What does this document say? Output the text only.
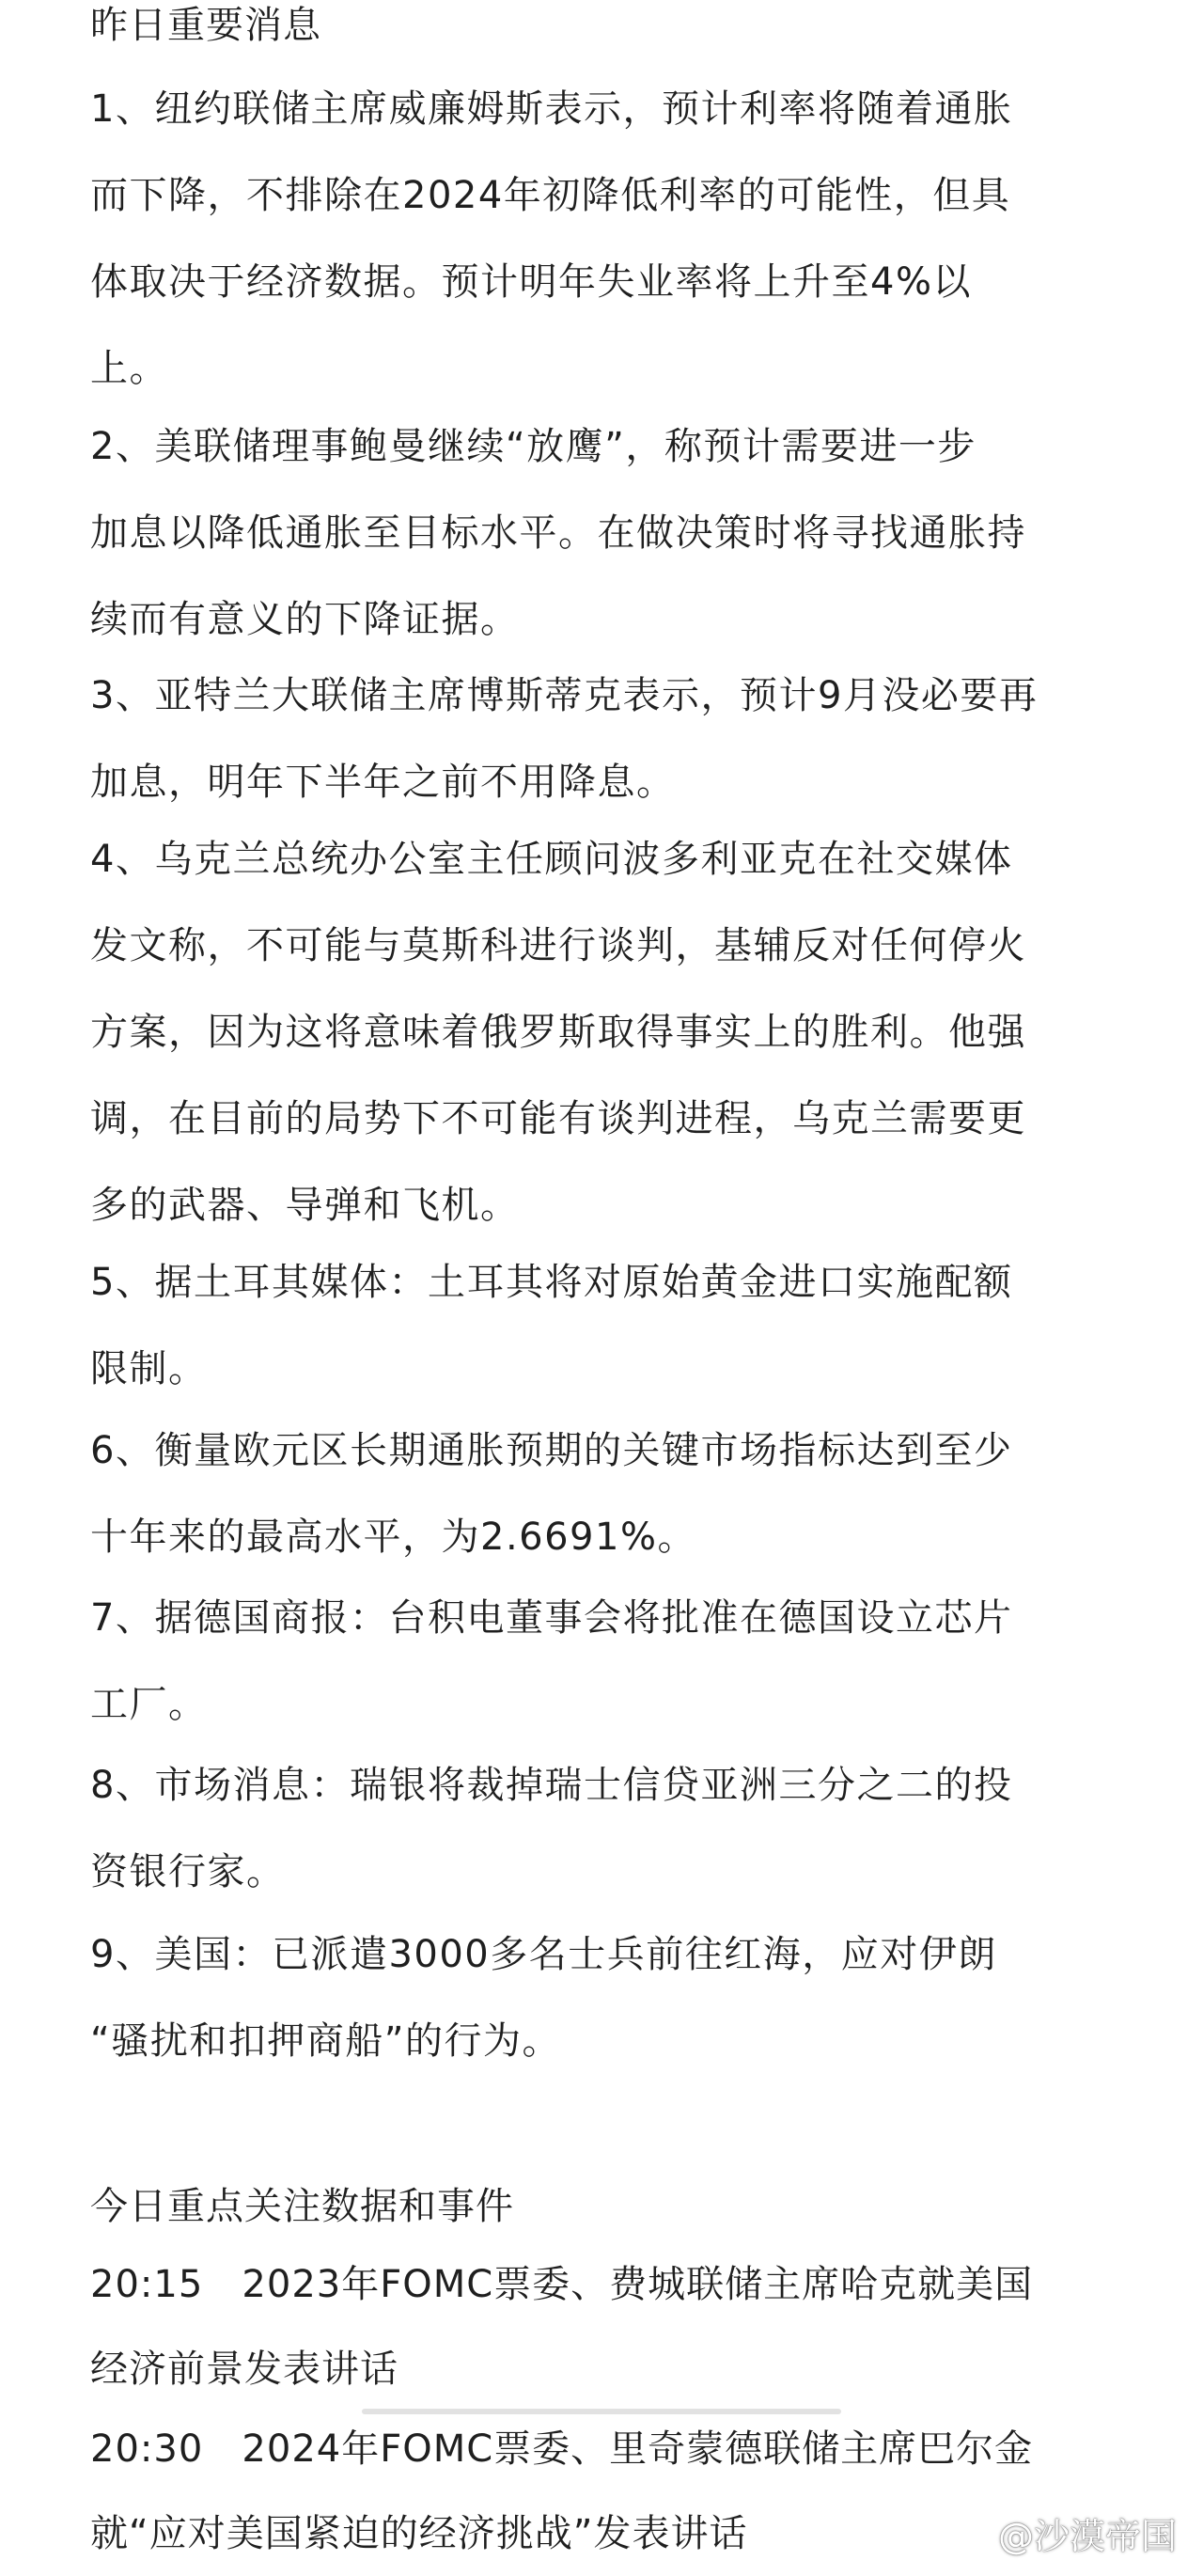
昨日重要消息
1、纽约联储主席威廉姆斯表示，预计利率将随着通胀
而下降，不排除在2024年初降低利率的可能性，但具
体取决于经济数据。预计明年失业率将上升至4%以
上。
2、美联储理事鲍曼继续“放鹰”，称预计需要进一步
加息以降低通胀至目标水平。在做决策时将寻找通胀持
续而有意义的下降证据。
3、亚特兰大联储主席博斯蒂克表示，预计9月没必要再
加息，明年下半年之前不用降息。
4、乌克兰总统办公室主任顾问波多利亚克在社交媒体
发文称，不可能与莫斯科进行谈判，基辅反对任何停火
方案，因为这将意味着俄罗斯取得事实上的胜利。他强
调，在目前的局势下不可能有谈判进程，乌克兰需要更
多的武器、导弹和飞机。
5、据土耳其媒体：土耳其将对原始黄金进口实施配额
限制。
6、衡量欧元区长期通胀预期的关键市场指标达到至少
十年来的最高水平，为2.6691%。
7、据德国商报：台积电董事会将批准在德国设立芯片
工厂。
8、市场消息：瑞银将裁掉瑞士信贷亚洲三分之二的投
资银行家。
9、美国：已派遣3000多名士兵前往红海，应对伊朗
“骚扰和扣押商船”的行为。
今日重点关注数据和事件
20:15   2023年FOMC票委、费城联储主席哈克就美国
经济前景发表讲话
20:30   2024年FOMC票委、里奇蒙德联储主席巴尔金
就“应对美国紧迫的经济挑战”发表讲话	@沙漠帝国
